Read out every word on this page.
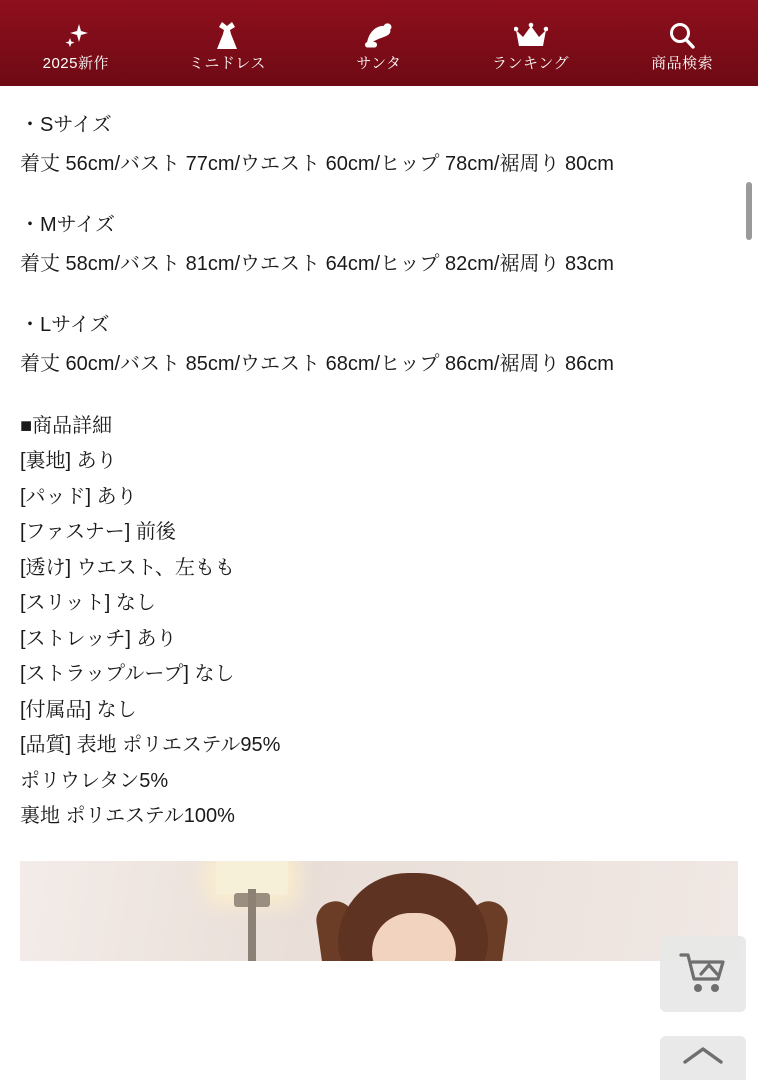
2025新作	ミニドレス	サンタ	ランキング	商品検索

・Sサイズ

着丈 56cm/バスト 77cm/ウエスト 60cm/ヒップ 78cm/裾周り 80cm

・Mサイズ

着丈 58cm/バスト 81cm/ウエスト 64cm/ヒップ 82cm/裾周り 83cm

・Lサイズ

着丈 60cm/バスト 85cm/ウエスト 68cm/ヒップ 86cm/裾周り 86cm

■商品詳細

[裏地] あり

[パッド] あり

[ファスナー] 前後

[透け] ウエスト、左もも

[スリット] なし

[ストレッチ] あり

[ストラップループ] なし

[付属品] なし

[品質] 表地 ポリエステル95%

ポリウレタン5%

裏地 ポリエステル100%
